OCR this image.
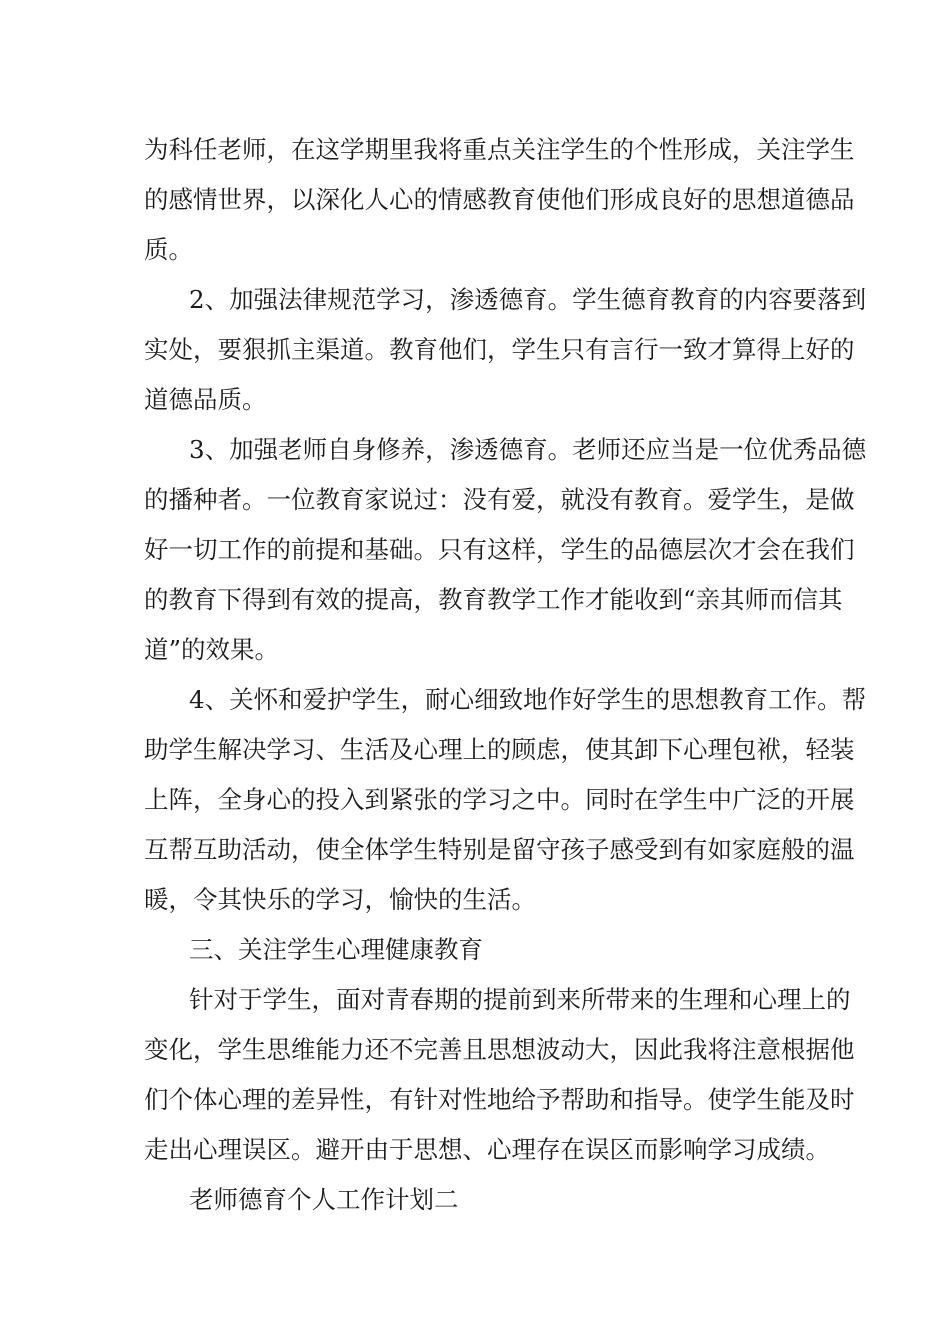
为科任老师，在这学期里我将重点关注学生的个性形成，关注学生
的感情世界，以深化人心的情感教育使他们形成良好的思想道德品
质。
2、加强法律规范学习，渗透德育。学生德育教育的内容要落到
实处，要狠抓主渠道。教育他们，学生只有言行一致才算得上好的
道德品质。
3、加强老师自身修养，渗透德育。老师还应当是一位优秀品德
的播种者。一位教育家说过：没有爱，就没有教育。爱学生，是做
好一切工作的前提和基础。只有这样，学生的品德层次才会在我们
的教育下得到有效的提高，教育教学工作才能收到“亲其师而信其
道”的效果。
4、关怀和爱护学生，耐心细致地作好学生的思想教育工作。帮
助学生解决学习、生活及心理上的顾虑，使其卸下心理包袱，轻装
上阵，全身心的投入到紧张的学习之中。同时在学生中广泛的开展
互帮互助活动，使全体学生特别是留守孩子感受到有如家庭般的温
暖，令其快乐的学习，愉快的生活。
三、关注学生心理健康教育
针对于学生，面对青春期的提前到来所带来的生理和心理上的
变化，学生思维能力还不完善且思想波动大，因此我将注意根据他
们个体心理的差异性，有针对性地给予帮助和指导。使学生能及时
走出心理误区。避开由于思想、心理存在误区而影响学习成绩。
老师德育个人工作计划二
